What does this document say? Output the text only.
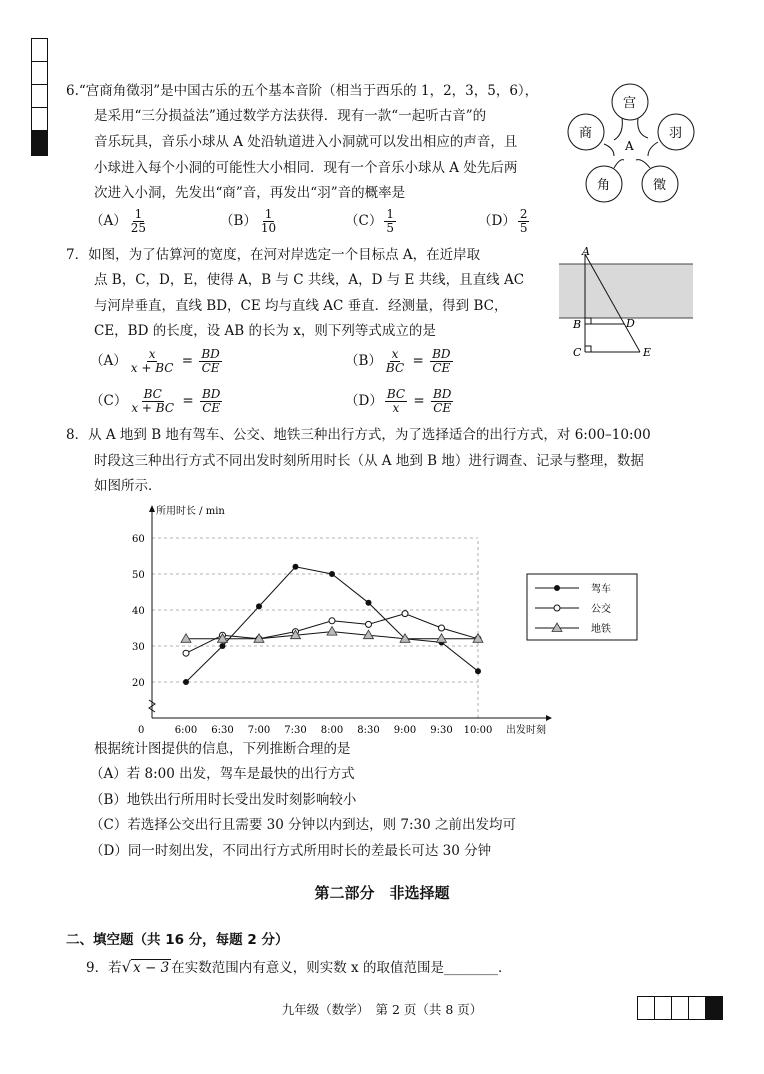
6.“宫商角徵羽”是中国古乐的五个基本音阶（相当于西乐的 1，2，3，5，6），
是采用“三分损益法”通过数学方法获得．现有一款“一起听古音”的
音乐玩具，音乐小球从 A 处沿轨道进入小洞就可以发出相应的声音，且
小球进入每个小洞的可能性大小相同．现有一个音乐小球从 A 处先后两
次进入小洞，先发出“商”音，再发出“羽”音的概率是
$(A) \frac{1}{25}$	$(B) \frac{1}{10}$	$(C) \frac{1}{5}$	$(D) \frac{2}{5}$
宫
羽
徵
角
商
A
7．如图，为了估算河的宽度，在河对岸选定一个目标点 A，在近岸取
点 B，C，D，E，使得 A，B 与 C 共线，A，D 与 E 共线，且直线 AC
与河岸垂直，直线 BD，CE 均与直线 AC 垂直．经测量，得到 BC，
CE，BD 的长度，设 AB 的长为 x，则下列等式成立的是
$(A) \frac{x}{x + BC} = \frac{BD}{CE}$	$(B) \frac{x}{BC} = \frac{BD}{CE}$
$(C) \frac{BC}{x + BC} = \frac{BD}{CE}$	$(D) \frac{BC}{x} = \frac{BD}{CE}$
A
B
C
D
E
8．从 A 地到 B 地有驾车、公交、地铁三种出行方式，为了选择适合的出行方式，对 6:00–10:00
时段这三种出行方式不同出发时刻所用时长（从 A 地到 B 地）进行调查、记录与整理，数据
如图所示．
所用时长 / min
出发时刻
0
20
30
40
50
60
6:00 6:30 7:00 7:30 8:00 8:30 9:00 9:30 10:00
驾车
公交
地铁
根据统计图提供的信息，下列推断合理的是
（A）若 8:00 出发，驾车是最快的出行方式
（B）地铁出行所用时长受出发时刻影响较小
（C）若选择公交出行且需要 30 分钟以内到达，则 7:30 之前出发均可
（D）同一时刻出发，不同出行方式所用时长的差最长可达 30 分钟
第二部分　非选择题
二、填空题（共 16 分，每题 2 分）
9．若√ x − 3 在实数范围内有意义，则实数 x 的取值范围是________．
九年级（数学）　第 2 页（共 8 页）
